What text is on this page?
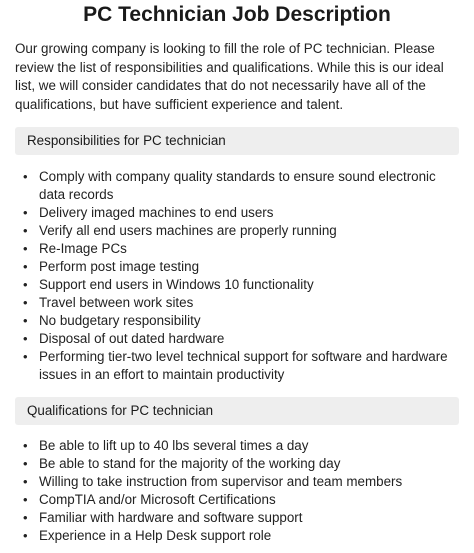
PC Technician Job Description

Our growing company is looking to fill the role of PC technician. Please review the list of responsibilities and qualifications. While this is our ideal list, we will consider candidates that do not necessarily have all of the qualifications, but have sufficient experience and talent.

Responsibilities for PC technician
• Comply with company quality standards to ensure sound electronic data records
• Delivery imaged machines to end users
• Verify all end users machines are properly running
• Re-Image PCs
• Perform post image testing
• Support end users in Windows 10 functionality
• Travel between work sites
• No budgetary responsibility
• Disposal of out dated hardware
• Performing tier-two level technical support for software and hardware issues in an effort to maintain productivity
Qualifications for PC technician
• Be able to lift up to 40 lbs several times a day
• Be able to stand for the majority of the working day
• Willing to take instruction from supervisor and team members
• CompTIA and/or Microsoft Certifications
• Familiar with hardware and software support
• Experience in a Help Desk support role
